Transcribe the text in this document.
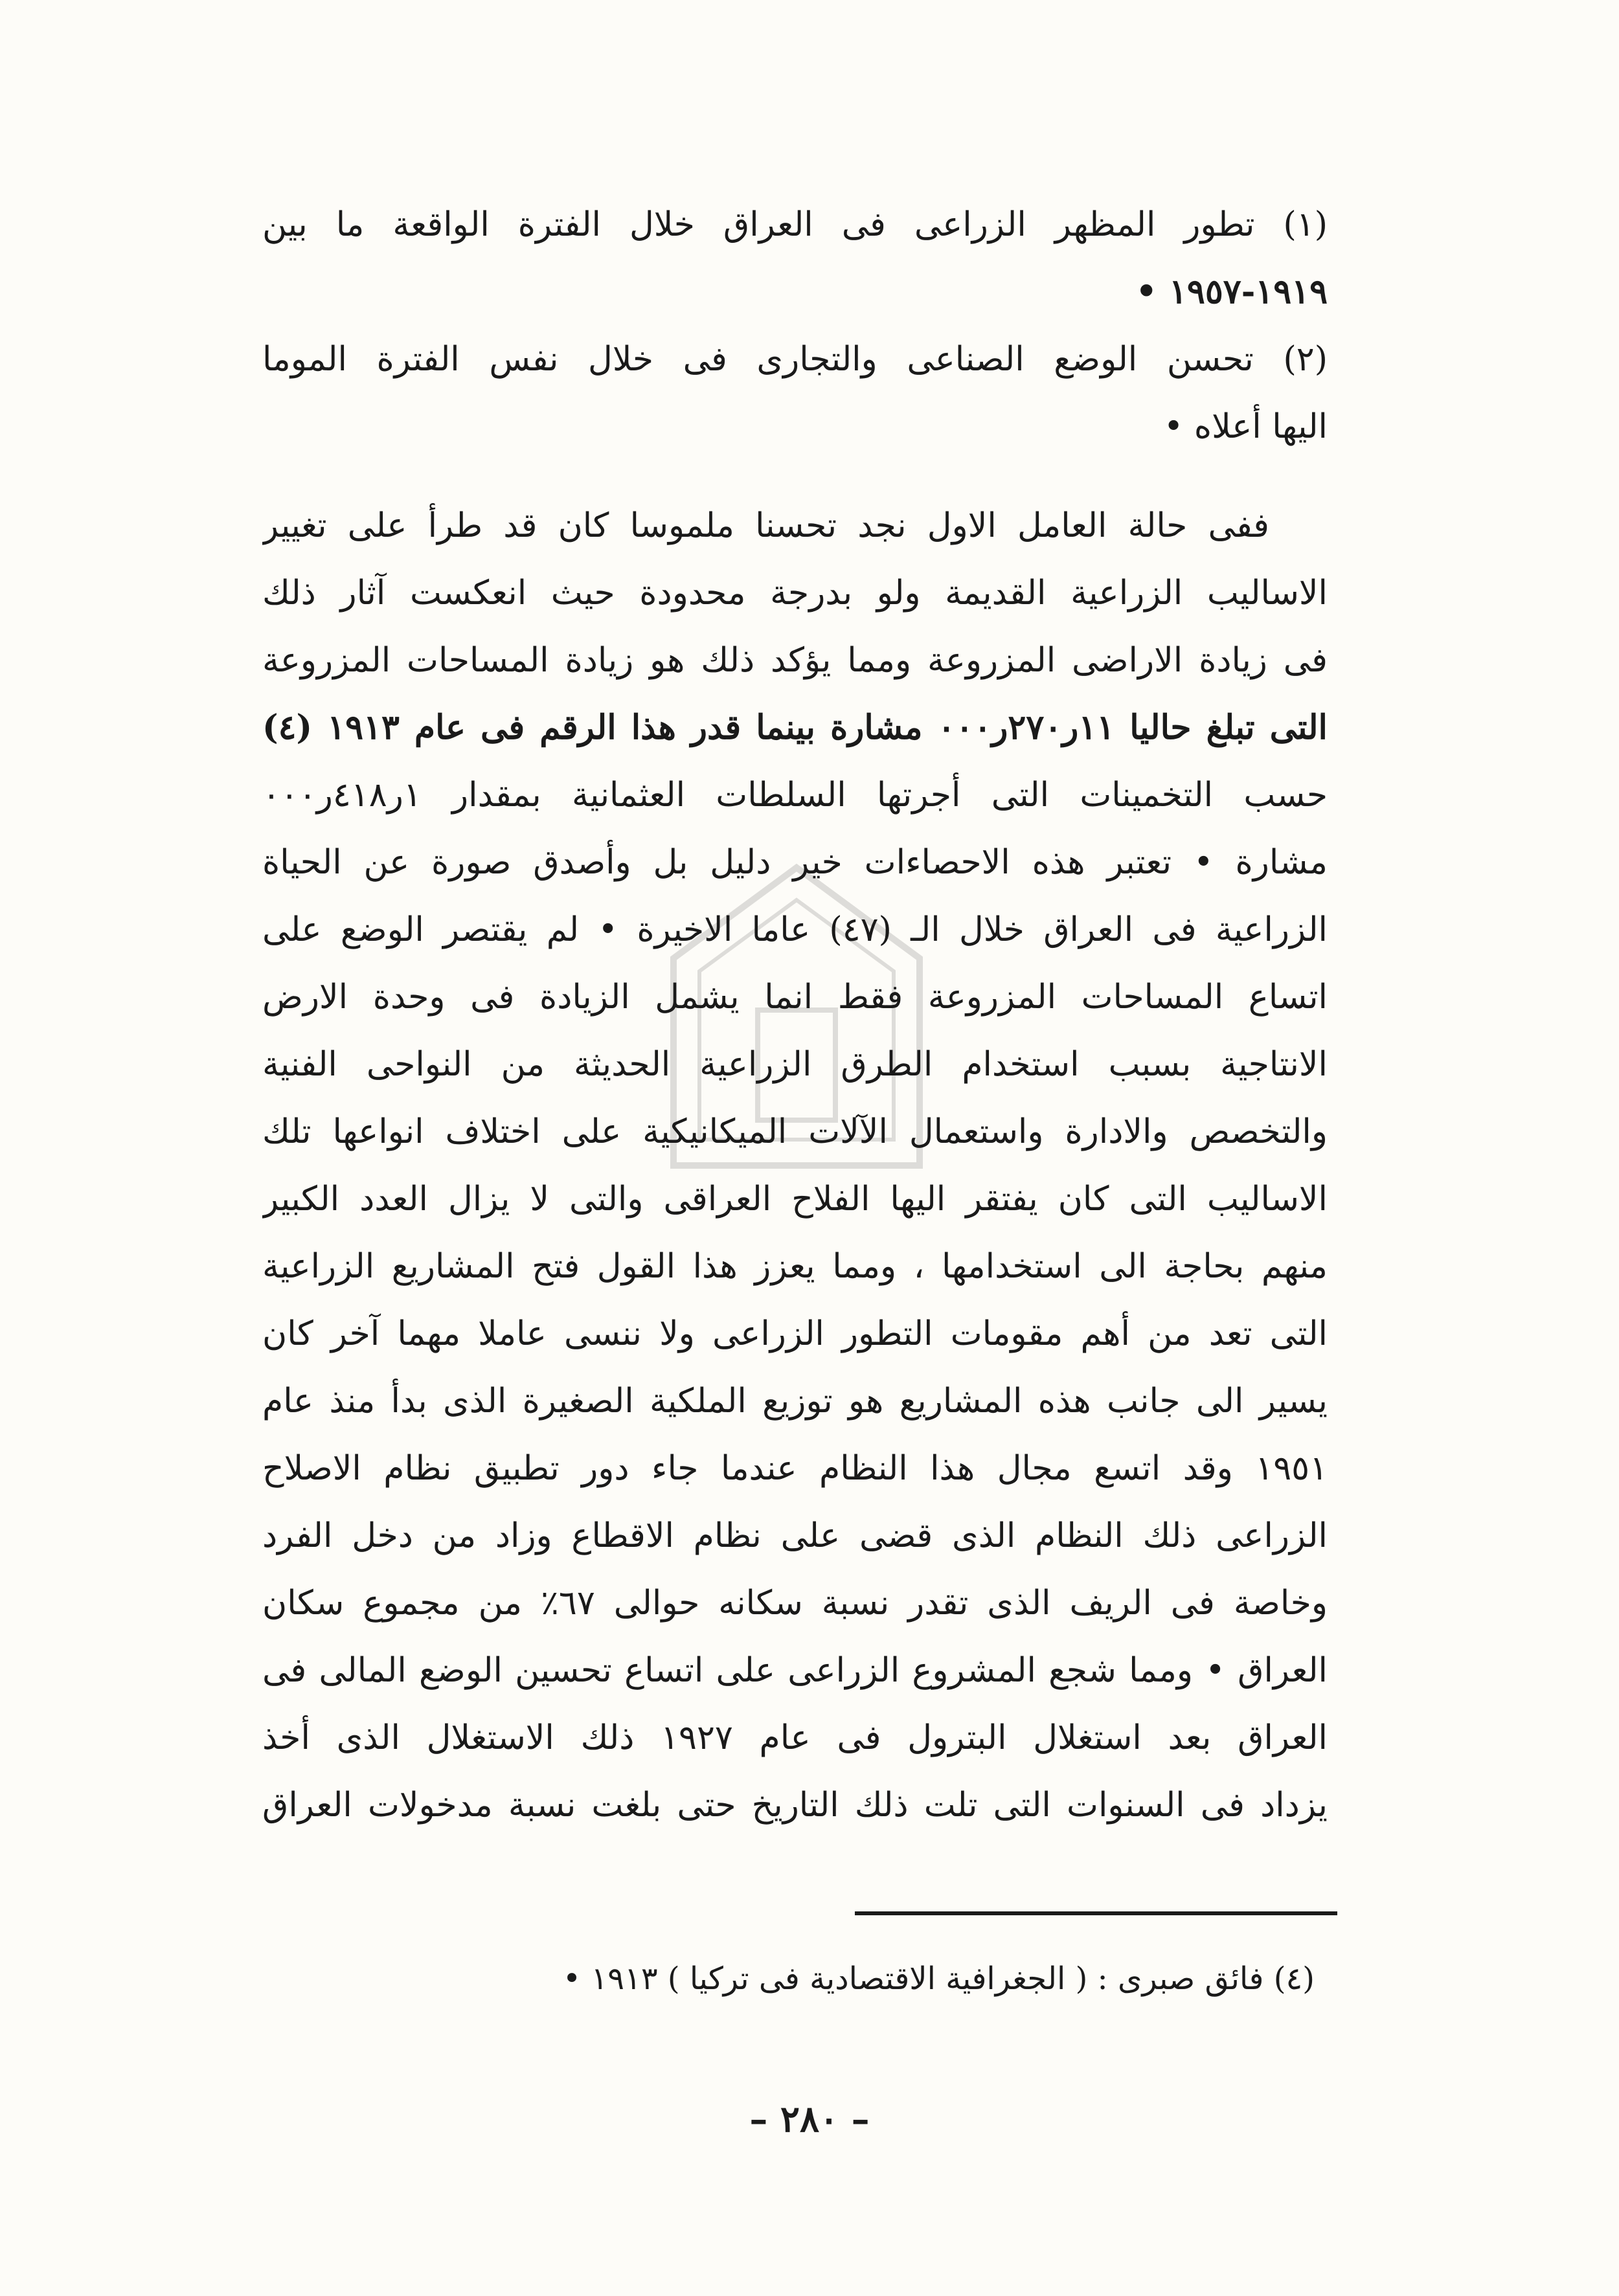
(١) تطور المظهر الزراعى فى العراق خلال الفترة الواقعة ما بين
١٩١٩-١٩٥٧ •
(٢) تحسن الوضع الصناعى والتجارى فى خلال نفس الفترة الموما
اليها أعلاه •
ففى حالة العامل الاول نجد تحسنا ملموسا كان قد طرأ على تغيير
الاساليب الزراعية القديمة ولو بدرجة محدودة حيث انعكست آثار ذلك
فى زيادة الاراضى المزروعة ومما يؤكد ذلك هو زيادة المساحات المزروعة
التى تبلغ حاليا ١١ر٢٧٠ر٠٠٠ مشارة بينما قدر هذا الرقم فى عام ١٩١٣ (٤)
حسب التخمينات التى أجرتها السلطات العثمانية بمقدار ١ر٤١٨ر٠٠٠
مشارة • تعتبر هذه الاحصاءات خير دليل بل وأصدق صورة عن الحياة
الزراعية فى العراق خلال الـ (٤٧) عاما الاخيرة • لم يقتصر الوضع على
اتساع المساحات المزروعة فقط انما يشمل الزيادة فى وحدة الارض
الانتاجية بسبب استخدام الطرق الزراعية الحديثة من النواحى الفنية
والتخصص والادارة واستعمال الآلات الميكانيكية على اختلاف انواعها تلك
الاساليب التى كان يفتقر اليها الفلاح العراقى والتى لا يزال العدد الكبير
منهم بحاجة الى استخدامها ، ومما يعزز هذا القول فتح المشاريع الزراعية
التى تعد من أهم مقومات التطور الزراعى ولا ننسى عاملا مهما آخر كان
يسير الى جانب هذه المشاريع هو توزيع الملكية الصغيرة الذى بدأ منذ عام
١٩٥١ وقد اتسع مجال هذا النظام عندما جاء دور تطبيق نظام الاصلاح
الزراعى ذلك النظام الذى قضى على نظام الاقطاع وزاد من دخل الفرد
وخاصة فى الريف الذى تقدر نسبة سكانه حوالى ٦٧٪ من مجموع سكان
العراق • ومما شجع المشروع الزراعى على اتساع تحسين الوضع المالى فى
العراق بعد استغلال البترول فى عام ١٩٢٧ ذلك الاستغلال الذى أخذ
يزداد فى السنوات التى تلت ذلك التاريخ حتى بلغت نسبة مدخولات العراق
(٤) فائق صبرى : ( الجغرافية الاقتصادية فى تركيا ) ١٩١٣ •
– ٢٨٠ –
